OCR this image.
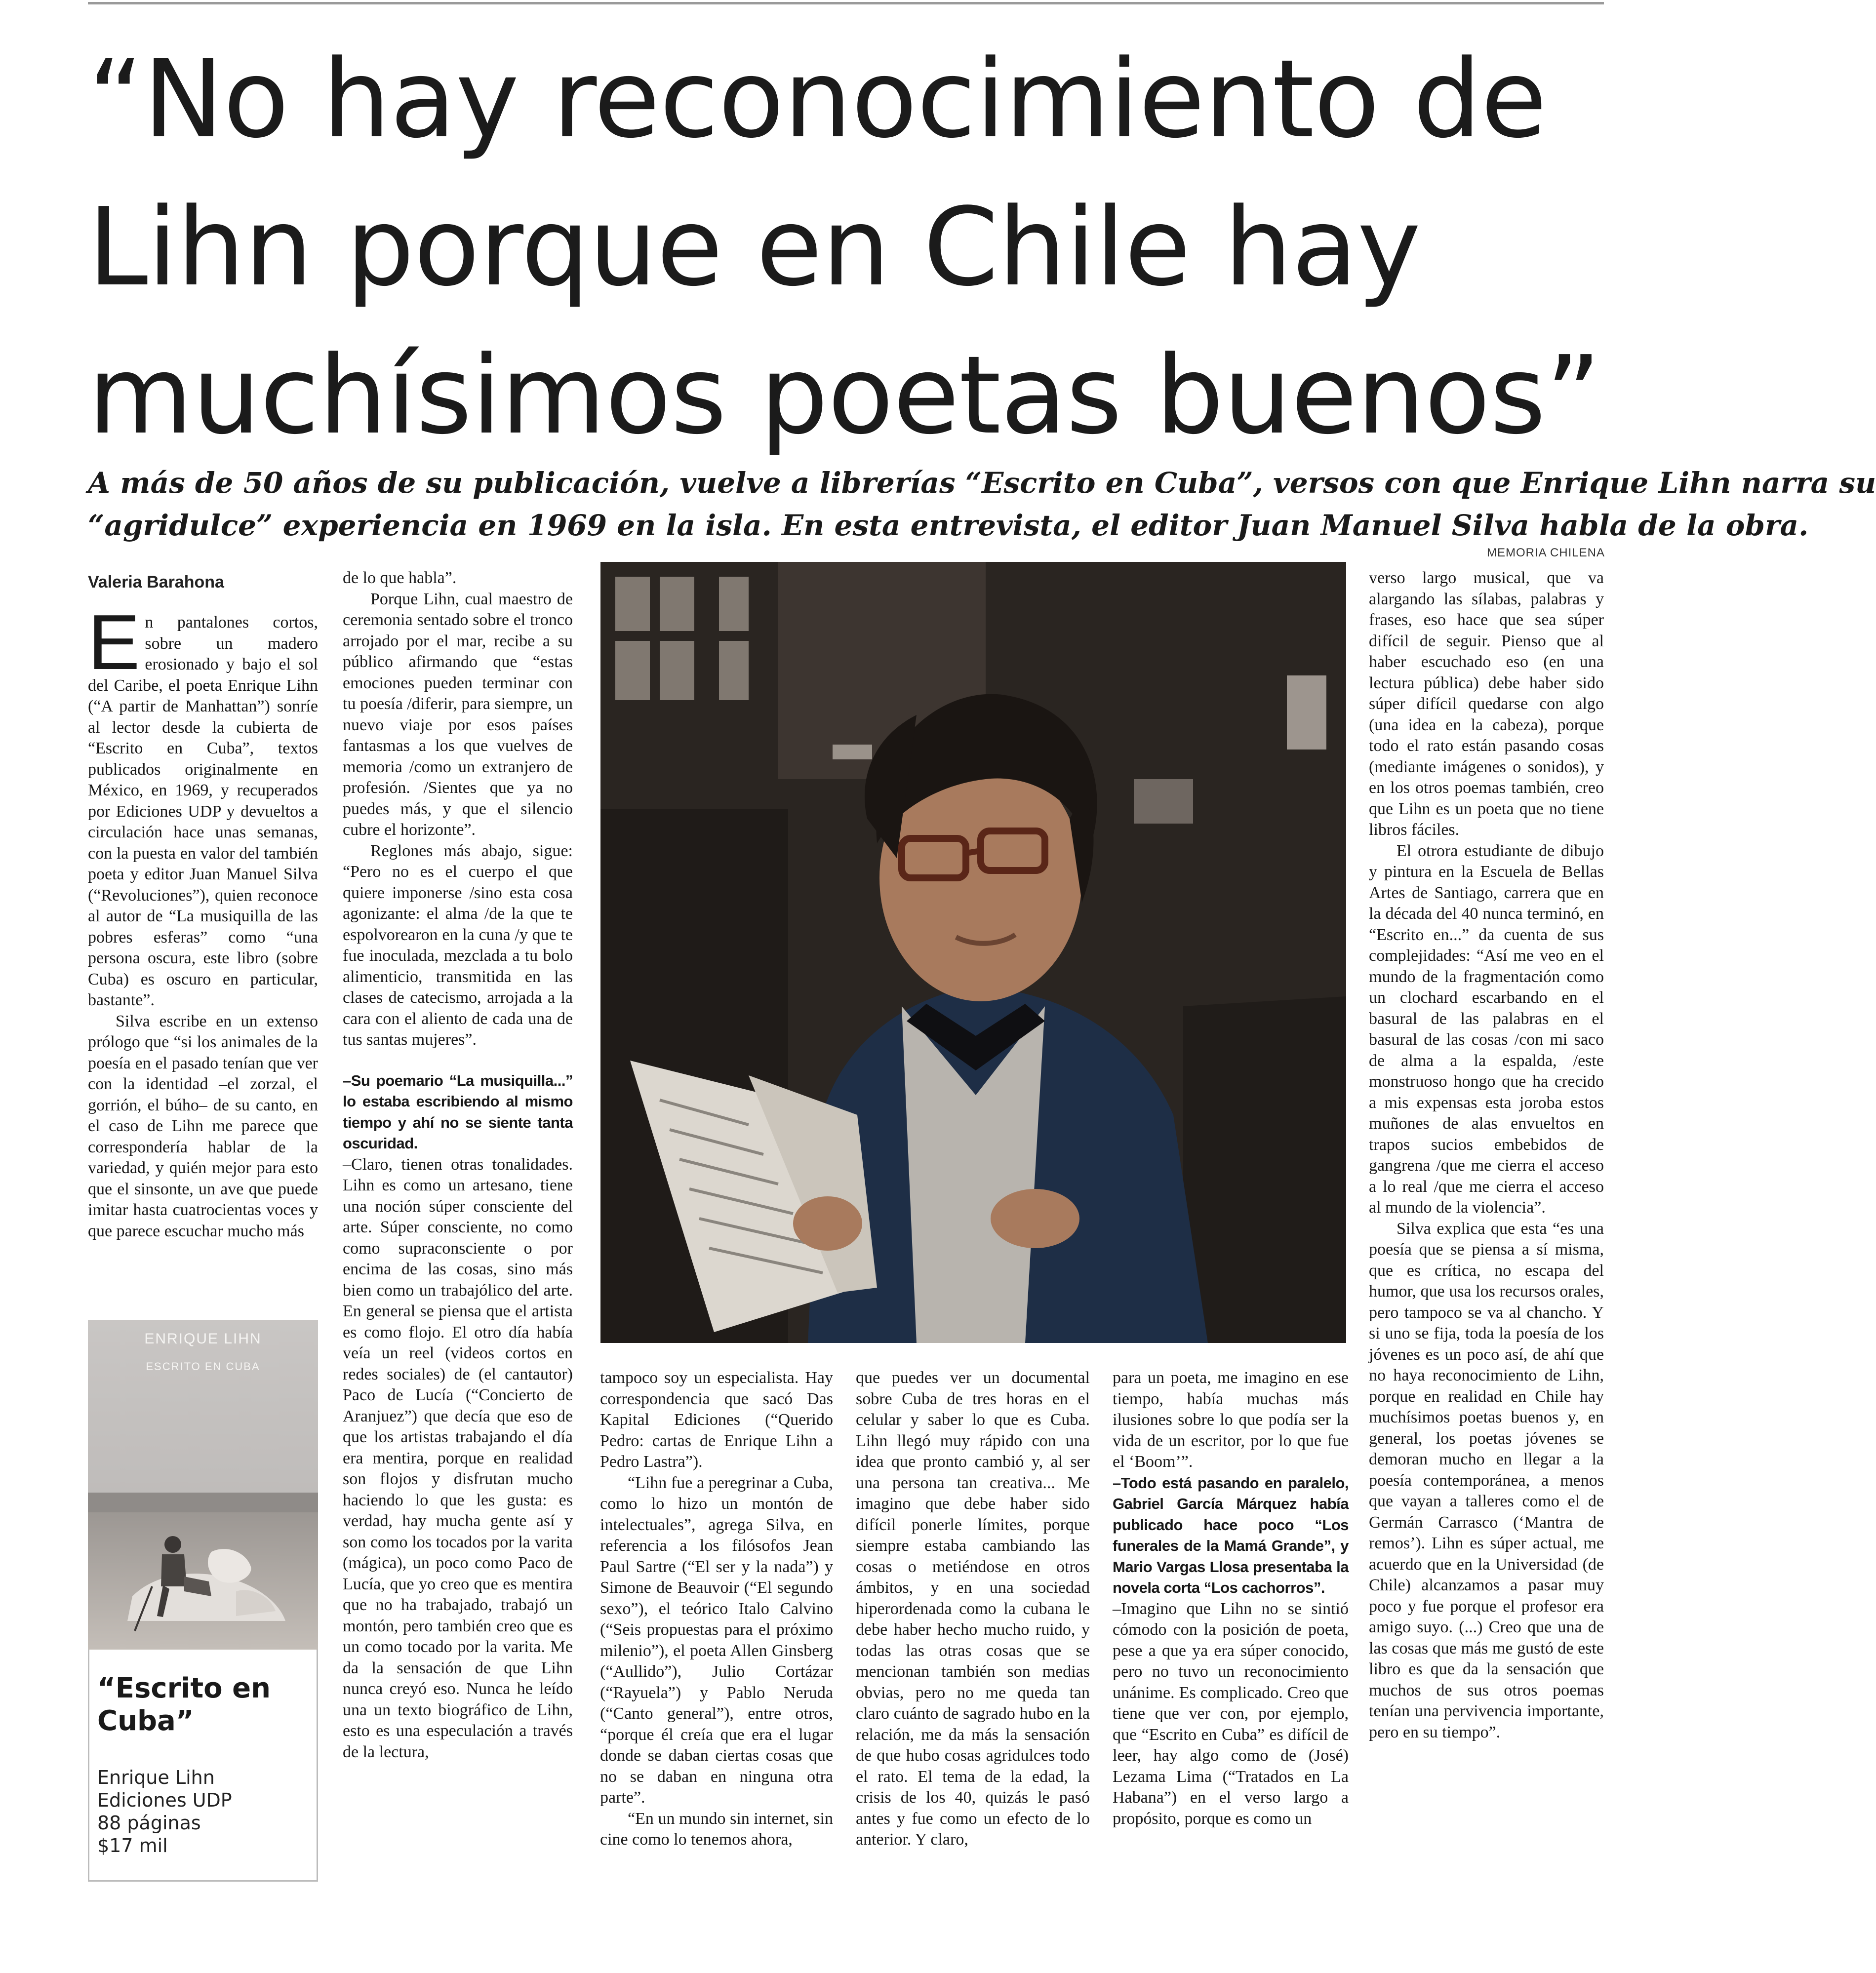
“No hay reconocimiento de
Lihn porque en Chile hay
muchísimos poetas buenos”

A más de 50 años de su publicación, vuelve a librerías “Escrito en Cuba”, versos con que Enrique Lihn narra su
“agridulce” experiencia en 1969 en la isla. En esta entrevista, el editor Juan Manuel Silva habla de la obra.

MEMORIA CHILENA
Valeria Barahona

En pantalones cortos, sobre un madero erosionado y bajo el sol del Caribe, el poeta Enrique Lihn (“A partir de Manhattan”) sonríe al lector desde la cubierta de “Escrito en Cuba”, textos publicados originalmente en México, en 1969, y recuperados por Ediciones UDP y devueltos a circulación hace unas semanas, con la puesta en valor del también poeta y editor Juan Manuel Silva (“Revoluciones”), quien reconoce al autor de “La musiquilla de las pobres esferas” como “una persona oscura, este libro (sobre Cuba) es oscuro en particular, bastante”.

Silva escribe en un extenso prólogo que “si los animales de la poesía en el pasado tenían que ver con la identidad –el zorzal, el gorrión, el búho– de su canto, en el caso de Lihn me parece que correspondería hablar de la variedad, y quién mejor para esto que el sinsonte, un ave que puede imitar hasta cuatrocientas voces y que parece escuchar mucho más

ENRIQUE LIHN
ESCRITO EN CUBA

“Escrito en Cuba”

Enrique Lihn
Ediciones UDP
88 páginas
$17 mil

de lo que habla”.

Porque Lihn, cual maestro de ceremonia sentado sobre el tronco arrojado por el mar, recibe a su público afirmando que “estas emociones pueden terminar con tu poesía /diferir, para siempre, un nuevo viaje por esos países fantasmas a los que vuelves de memoria /como un extranjero de profesión. /Sientes que ya no puedes más, y que el silencio cubre el horizonte”.

Reglones más abajo, sigue: “Pero no es el cuerpo el que quiere imponerse /sino esta cosa agonizante: el alma /de la que te espolvorearon en la cuna /y que te fue inoculada, mezclada a tu bolo alimenticio, transmitida en las clases de catecismo, arrojada a la cara con el aliento de cada una de tus santas mujeres”.

–Su poemario “La musiquilla...” lo estaba escribiendo al mismo tiempo y ahí no se siente tanta oscuridad.

–Claro, tienen otras tonalidades. Lihn es como un artesano, tiene una noción súper consciente del arte. Súper consciente, no como como supraconsciente o por encima de las cosas, sino más bien como un trabajólico del arte. En general se piensa que el artista es como flojo. El otro día había veía un reel (videos cortos en redes sociales) de (el cantautor) Paco de Lucía (“Concierto de Aranjuez”) que decía que eso de que los artistas trabajando el día era mentira, porque en realidad son flojos y disfrutan mucho haciendo lo que les gusta: es verdad, hay mucha gente así y son como los tocados por la varita (mágica), un poco como Paco de Lucía, que yo creo que es mentira que no ha trabajado, trabajó un montón, pero también creo que es un como tocado por la varita. Me da la sensación de que Lihn nunca creyó eso. Nunca he leído una un texto biográfico de Lihn, esto es una especulación a través de la lectura,

tampoco soy un especialista. Hay correspondencia que sacó Das Kapital Ediciones (“Querido Pedro: cartas de Enrique Lihn a Pedro Lastra”).

“Lihn fue a peregrinar a Cuba, como lo hizo un montón de intelectuales”, agrega Silva, en referencia a los filósofos Jean Paul Sartre (“El ser y la nada”) y Simone de Beauvoir (“El segundo sexo”), el teórico Italo Calvino (“Seis propuestas para el próximo milenio”), el poeta Allen Ginsberg (“Aullido”), Julio Cortázar (“Rayuela”) y Pablo Neruda (“Canto general”), entre otros, “porque él creía que era el lugar donde se daban ciertas cosas que no se daban en ninguna otra parte”.

“En un mundo sin internet, sin cine como lo tenemos ahora,

que puedes ver un documental sobre Cuba de tres horas en el celular y saber lo que es Cuba. Lihn llegó muy rápido con una idea que pronto cambió y, al ser una persona tan creativa... Me imagino que debe haber sido difícil ponerle límites, porque siempre estaba cambiando las cosas o metiéndose en otros ámbitos, y en una sociedad hiperordenada como la cubana le debe haber hecho mucho ruido, y todas las otras cosas que se mencionan también son medias obvias, pero no me queda tan claro cuánto de sagrado hubo en la relación, me da más la sensación de que hubo cosas agridulces todo el rato. El tema de la edad, la crisis de los 40, quizás le pasó antes y fue como un efecto de lo anterior. Y claro,

para un poeta, me imagino en ese tiempo, había muchas más ilusiones sobre lo que podía ser la vida de un escritor, por lo que fue el ‘Boom’”.

–Todo está pasando en paralelo, Gabriel García Márquez había publicado hace poco “Los funerales de la Mamá Grande”, y Mario Vargas Llosa presentaba la novela corta “Los cachorros”.

–Imagino que Lihn no se sintió cómodo con la posición de poeta, pese a que ya era súper conocido, pero no tuvo un reconocimiento unánime. Es complicado. Creo que tiene que ver con, por ejemplo, que “Escrito en Cuba” es difícil de leer, hay algo como de (José) Lezama Lima (“Tratados en La Habana”) en el verso largo a propósito, porque es como un

verso largo musical, que va alargando las sílabas, palabras y frases, eso hace que sea súper difícil de seguir. Pienso que al haber escuchado eso (en una lectura pública) debe haber sido súper difícil quedarse con algo (una idea en la cabeza), porque todo el rato están pasando cosas (mediante imágenes o sonidos), y en los otros poemas también, creo que Lihn es un poeta que no tiene libros fáciles.

El otrora estudiante de dibujo y pintura en la Escuela de Bellas Artes de Santiago, carrera que en la década del 40 nunca terminó, en “Escrito en...” da cuenta de sus complejidades: “Así me veo en el mundo de la fragmentación como un clochard escarbando en el basural de las palabras en el basural de las cosas /con mi saco de alma a la espalda, /este monstruoso hongo que ha crecido a mis expensas esta joroba estos muñones de alas envueltos en trapos sucios embebidos de gangrena /que me cierra el acceso a lo real /que me cierra el acceso al mundo de la violencia”.

Silva explica que esta “es una poesía que se piensa a sí misma, que es crítica, no escapa del humor, que usa los recursos orales, pero tampoco se va al chancho. Y si uno se fija, toda la poesía de los jóvenes es un poco así, de ahí que no haya reconocimiento de Lihn, porque en realidad en Chile hay muchísimos poetas buenos y, en general, los poetas jóvenes se demoran mucho en llegar a la poesía contemporánea, a menos que vayan a talleres como el de Germán Carrasco (‘Mantra de remos’). Lihn es súper actual, me acuerdo que en la Universidad (de Chile) alcanzamos a pasar muy poco y fue porque el profesor era amigo suyo. (...) Creo que una de las cosas que más me gustó de este libro es que da la sensación que muchos de sus otros poemas tenían una pervivencia importante, pero en su tiempo”.
